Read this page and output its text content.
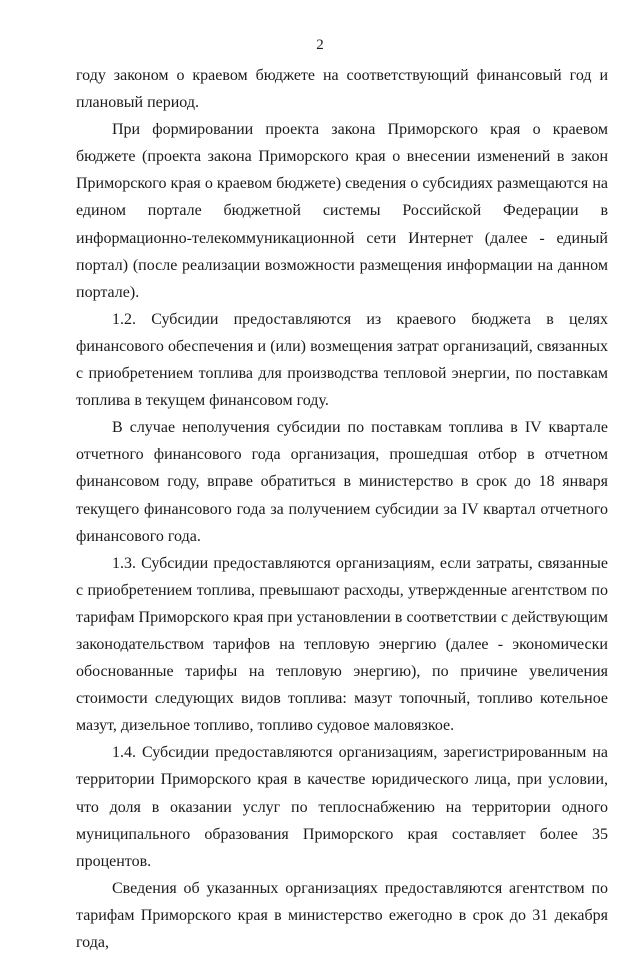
2

году законом о краевом бюджете на соответствующий финансовый год и плановый период.

При формировании проекта закона Приморского края о краевом бюджете (проекта закона Приморского края о внесении изменений в закон Приморского края о краевом бюджете) сведения о субсидиях размещаются на едином портале бюджетной системы Российской Федерации в информационно-телекоммуникационной сети Интернет (далее - единый портал) (после реализации возможности размещения информации на данном портале).

1.2. Субсидии предоставляются из краевого бюджета в целях финансового обеспечения и (или) возмещения затрат организаций, связанных с приобретением топлива для производства тепловой энергии, по поставкам топлива в текущем финансовом году.

В случае неполучения субсидии по поставкам топлива в IV квартале отчетного финансового года организация, прошедшая отбор в отчетном финансовом году, вправе обратиться в министерство в срок до 18 января текущего финансового года за получением субсидии за IV квартал отчетного финансового года.

1.3. Субсидии предоставляются организациям, если затраты, связанные с приобретением топлива, превышают расходы, утвержденные агентством по тарифам Приморского края при установлении в соответствии с действующим законодательством тарифов на тепловую энергию (далее - экономически обоснованные тарифы на тепловую энергию), по причине увеличения стоимости следующих видов топлива: мазут топочный, топливо котельное мазут, дизельное топливо, топливо судовое маловязкое.

1.4. Субсидии предоставляются организациям, зарегистрированным на территории Приморского края в качестве юридического лица, при условии, что доля в оказании услуг по теплоснабжению на территории одного муниципального образования Приморского края составляет более 35 процентов.

Сведения об указанных организациях предоставляются агентством по тарифам Приморского края в министерство ежегодно в срок до 31 декабря года,
